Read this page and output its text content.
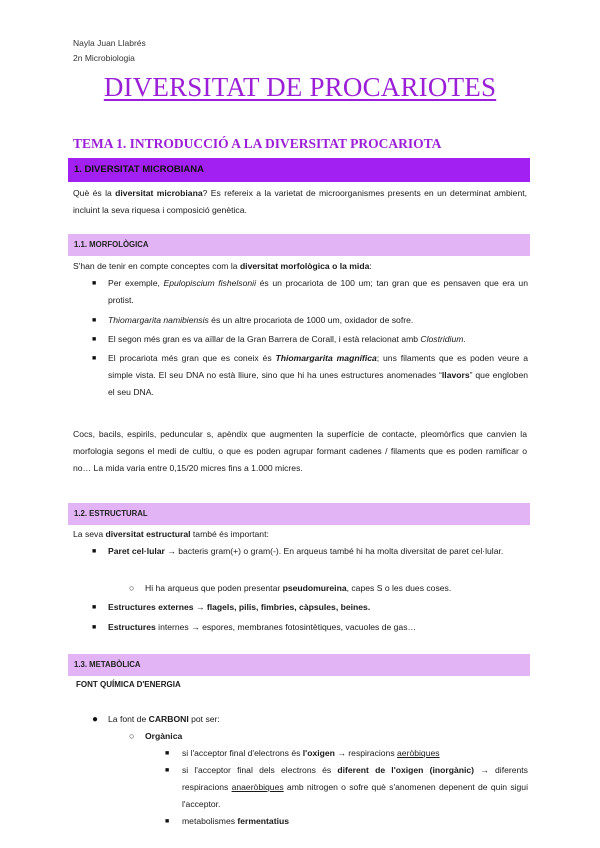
Nayla Juan Llabrés
2n Microbiologia
DIVERSITAT DE PROCARIOTES
TEMA 1. INTRODUCCIÓ A LA DIVERSITAT PROCARIOTA
1. DIVERSITAT MICROBIANA
Què és la diversitat microbiana? Es refereix a la varietat de microorganismes presents en un determinat ambient, incluint la seva riquesa i composició genètica.
1.1. MORFOLÒGICA
S'han de tenir en compte conceptes com la diversitat morfològica o la mida:
■ Per exemple, Epulopiscium fishelsonii és un procariota de 100 um; tan gran que es pensaven que era un protist.
■ Thiomargarita namibiensis és un altre procariota de 1000 um, oxidador de sofre.
■ El segon més gran es va aïllar de la Gran Barrera de Corall, i està relacionat amb Clostridium.
■ El procariota més gran que es coneix és Thiomargarita magnífica; uns filaments que es poden veure a simple vista. El seu DNA no està lliure, sino que hi ha unes estructures anomenades “llavors” que engloben el seu DNA.
Cocs, bacils, espirils, peduncular s, apèndix que augmenten la superfície de contacte, pleomòrfics que canvien la morfologia segons el medi de cultiu, o que es poden agrupar formant cadenes / filaments que es poden ramificar o no… La mida varia entre 0,15/20 micres fins a 1.000 micres.
1.2. ESTRUCTURAL
La seva diversitat estructural també és important:
■ Paret cel·lular → bacteris gram(+) o gram(-). En arqueus també hi ha molta diversitat de paret cel·lular.
○ Hi ha arqueus que poden presentar pseudomureina, capes S o les dues coses.
■ Estructures externes → flagels, pilis, fimbries, càpsules, beines.
■ Estructures internes → espores, membranes fotosintètiques, vacuoles de gas…
1.3. METABÒLICA
FONT QUÍMICA D'ENERGIA
● La font de CARBONI pot ser:
○ Orgànica
■ si l'acceptor final d'electrons és l'oxigen → respiracions aeròbiques
■ si l'acceptor final dels electrons és diferent de l'oxigen (inorgànic) → diferents respiracions anaeròbiques amb nitrogen o sofre què s'anomenen depenent de quin sigui l'acceptor.
■ metabolismes fermentatius
